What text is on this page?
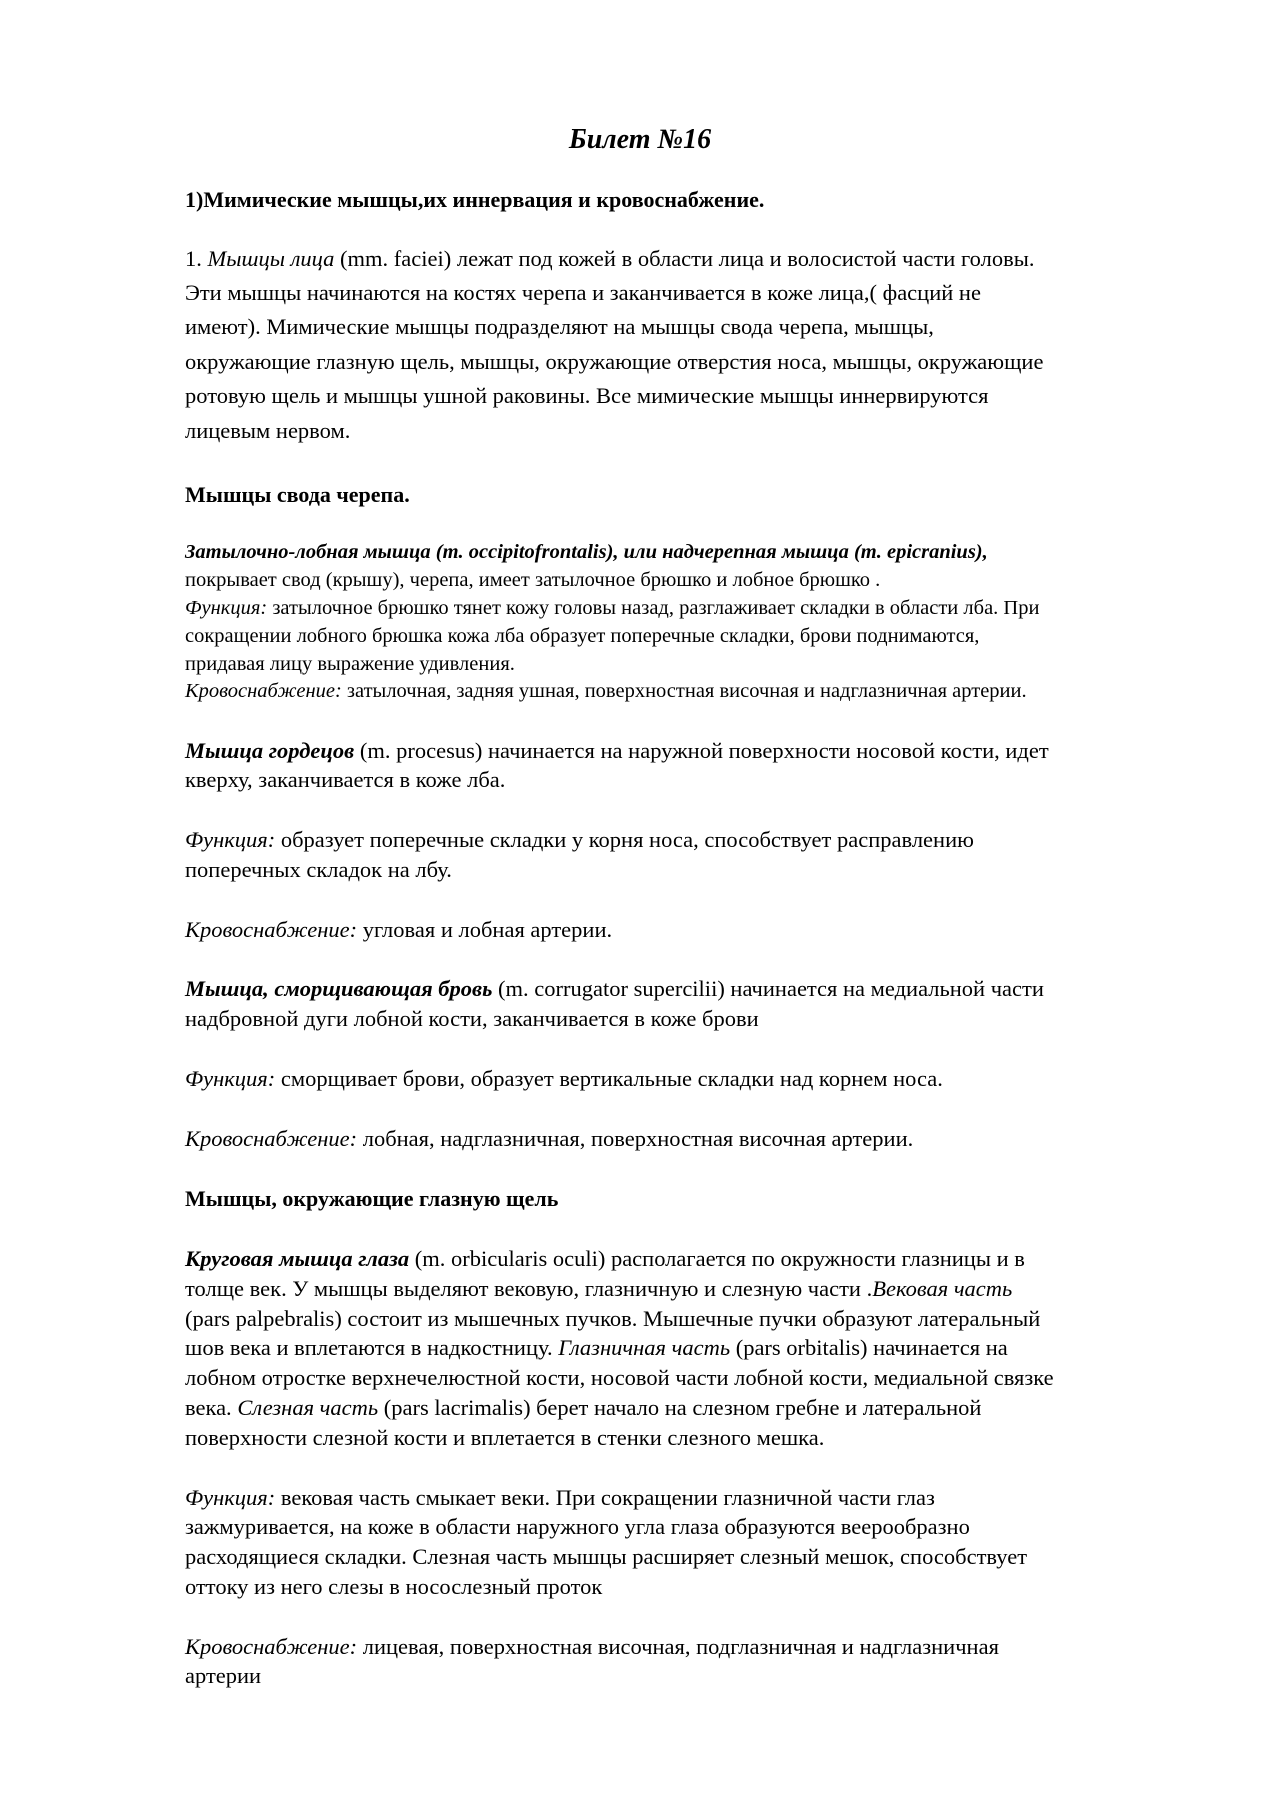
Билет №16
1)Мимические мышцы,их иннервация и кровоснабжение.
1. Мышцы лица (mm. faciei) лежат под кожей в области лица и волосистой части головы.
Эти мышцы начинаются на костях черепа и заканчивается в коже лица,( фасций не
имеют). Мимические мышцы подразделяют на мышцы свода черепа, мышцы,
окружающие глазную щель, мышцы, окружающие отверстия носа, мышцы, окружающие
ротовую щель и мышцы ушной раковины. Все мимические мышцы иннервируются
лицевым нервом.
Мышцы свода черепа.
Затылочно-лобная мышца (m. occipitofrontalis), или надчерепная мышца (m. epicranius),
покрывает свод (крышу), черепа, имеет затылочное брюшко и лобное брюшко .
Функция: затылочное брюшко тянет кожу головы назад, разглаживает складки в области лба. При
сокращении лобного брюшка кожа лба образует поперечные складки, брови поднимаются,
придавая лицу выражение удивления.
Кровоснабжение: затылочная, задняя ушная, поверхностная височная и надглазничная артерии.
Мышца гордецов (m. procesus) начинается на наружной поверхности носовой кости, идет
кверху, заканчивается в коже лба.
Функция: образует поперечные складки у корня носа, способствует расправлению
поперечных складок на лбу.
Кровоснабжение: угловая и лобная артерии.
Мышца, сморщивающая бровь (m. corrugator supercilii) начинается на медиальной части
надбровной дуги лобной кости, заканчивается в коже брови
Функция: сморщивает брови, образует вертикальные складки над корнем носа.
Кровоснабжение: лобная, надглазничная, поверхностная височная артерии.
Мышцы, окружающие глазную щель
Круговая мышца глаза (m. orbicularis oculi) располагается по окружности глазницы и в
толще век. У мышцы выделяют вековую, глазничную и слезную части .Вековая часть
(pars palpebralis) состоит из мышечных пучков. Мышечные пучки образуют латеральный
шов века и вплетаются в надкостницу. Глазничная часть (pars orbitalis) начинается на
лобном отростке верхнечелюстной кости, носовой части лобной кости, медиальной связке
века. Слезная часть (pars lacrimalis) берет начало на слезном гребне и латеральной
поверхности слезной кости и вплетается в стенки слезного мешка.
Функция: вековая часть смыкает веки. При сокращении глазничной части глаз
зажмуривается, на коже в области наружного угла глаза образуются веерообразно
расходящиеся складки. Слезная часть мышцы расширяет слезный мешок, способствует
оттоку из него слезы в носослезный проток
Кровоснабжение: лицевая, поверхностная височная, подглазничная и надглазничная
артерии
